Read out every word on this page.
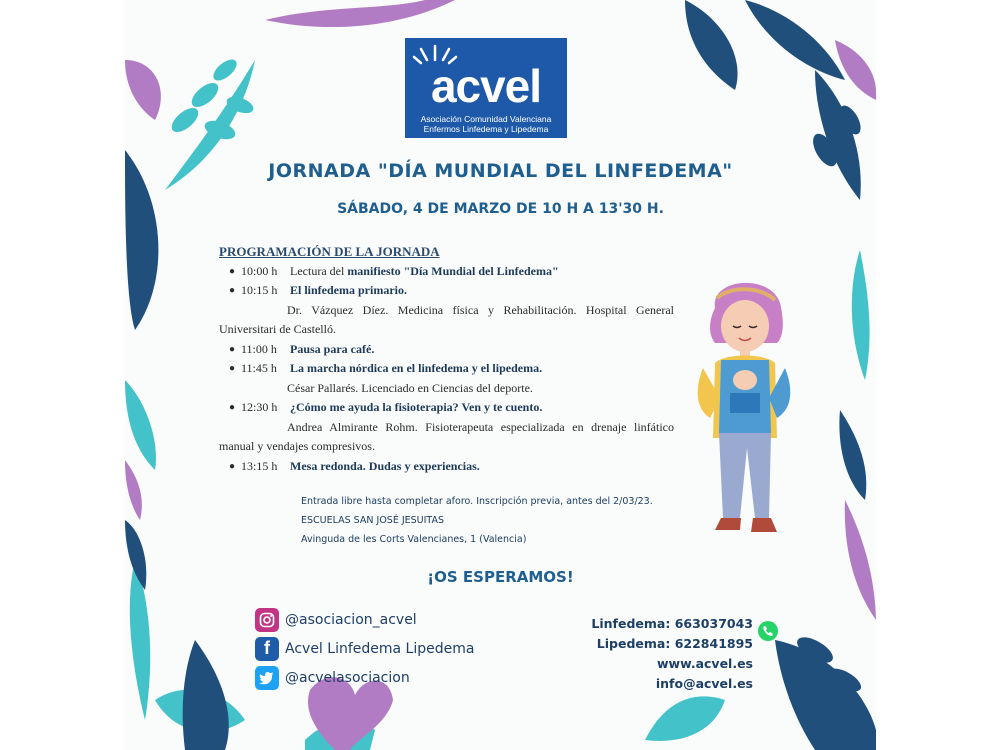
acvel
Asociación Comunidad Valenciana
Enfermos Linfedema y Lipedema
JORNADA "DÍA MUNDIAL DEL LINFEDEMA"
SÁBADO, 4 DE MARZO DE 10 H A 13'30 H.
PROGRAMACIÓN DE LA JORNADA
● 10:00 h Lectura del manifiesto "Día Mundial del Linfedema"
● 10:15 h El linfedema primario.
Dr. Vázquez Díez. Medicina física y Rehabilitación. Hospital General Universitari de Castelló.
● 11:00 h Pausa para café.
● 11:45 h La marcha nórdica en el linfedema y el lipedema.
César Pallarés. Licenciado en Ciencias del deporte.
● 12:30 h ¿Cómo me ayuda la fisioterapia? Ven y te cuento.
Andrea Almirante Rohm. Fisioterapeuta especializada en drenaje linfático manual y vendajes compresivos.
● 13:15 h Mesa redonda. Dudas y experiencias.
Entrada libre hasta completar aforo. Inscripción previa, antes del 2/03/23.
ESCUELAS SAN JOSÉ JESUITAS
Avinguda de les Corts Valencianes, 1 (Valencia)
¡OS ESPERAMOS!
@asociacion_acvel
f	Acvel Linfedema Lipedema
@acvelasociacion
Linfedema: 663037043
Lipedema: 622841895
www.acvel.es
info@acvel.es
